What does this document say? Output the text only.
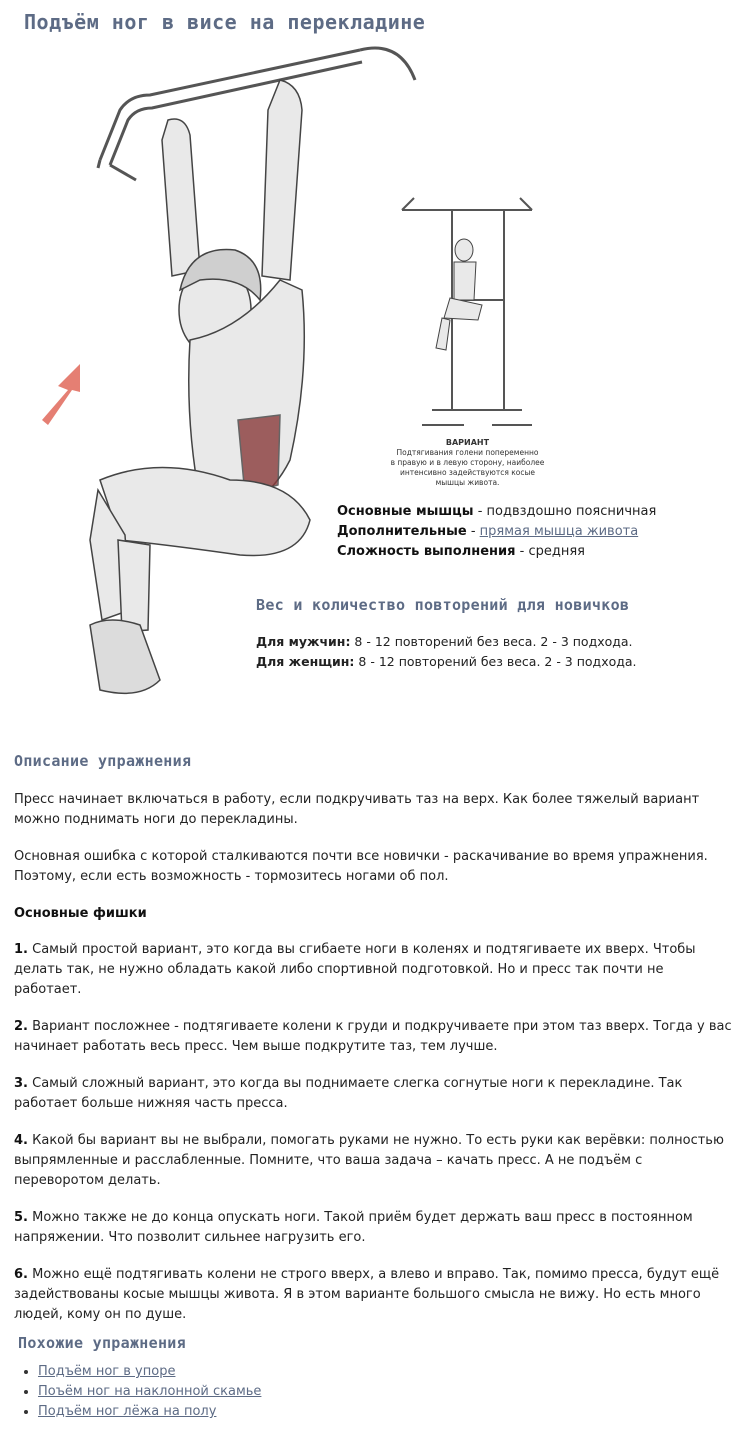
Подъём ног в висе на перекладине
ВАРИАНТ
Подтягивания голени попеременно
в правую и в левую сторону, наиболее
интенсивно задействуются косые
мышцы живота.
Основные мышцы - подвздошно поясничная
Дополнительные - прямая мышца живота
Сложность выполнения - средняя
Вес и количество повторений для новичков
Для мужчин: 8 - 12 повторений без веса. 2 - 3 подхода.
Для женщин: 8 - 12 повторений без веса. 2 - 3 подхода.
Описание упражнения
Пресс начинает включаться в работу, если подкручивать таз на верх. Как более тяжелый вариант можно поднимать ноги до перекладины.
Основная ошибка с которой сталкиваются почти все новички - раскачивание во время упражнения. Поэтому, если есть возможность - тормозитесь ногами об пол.
Основные фишки
1. Самый простой вариант, это когда вы сгибаете ноги в коленях и подтягиваете их вверх. Чтобы делать так, не нужно обладать какой либо спортивной подготовкой. Но и пресс так почти не работает.
2. Вариант посложнее - подтягиваете колени к груди и подкручиваете при этом таз вверх. Тогда у вас начинает работать весь пресс. Чем выше подкрутите таз, тем лучше.
3. Самый сложный вариант, это когда вы поднимаете слегка согнутые ноги к перекладине. Так работает больше нижняя часть пресса.
4. Какой бы вариант вы не выбрали, помогать руками не нужно. То есть руки как верёвки: полностью выпрямленные и расслабленные. Помните, что ваша задача – качать пресс. А не подъём с переворотом делать.
5. Можно также не до конца опускать ноги. Такой приём будет держать ваш пресс в постоянном напряжении. Что позволит сильнее нагрузить его.
6. Можно ещё подтягивать колени не строго вверх, а влево и вправо. Так, помимо пресса, будут ещё задействованы косые мышцы живота. Я в этом варианте большого смысла не вижу. Но есть много людей, кому он по душе.
Похожие упражнения
• Подъём ног в упоре
• Поъём ног на наклонной скамье
• Подъём ног лёжа на полу
